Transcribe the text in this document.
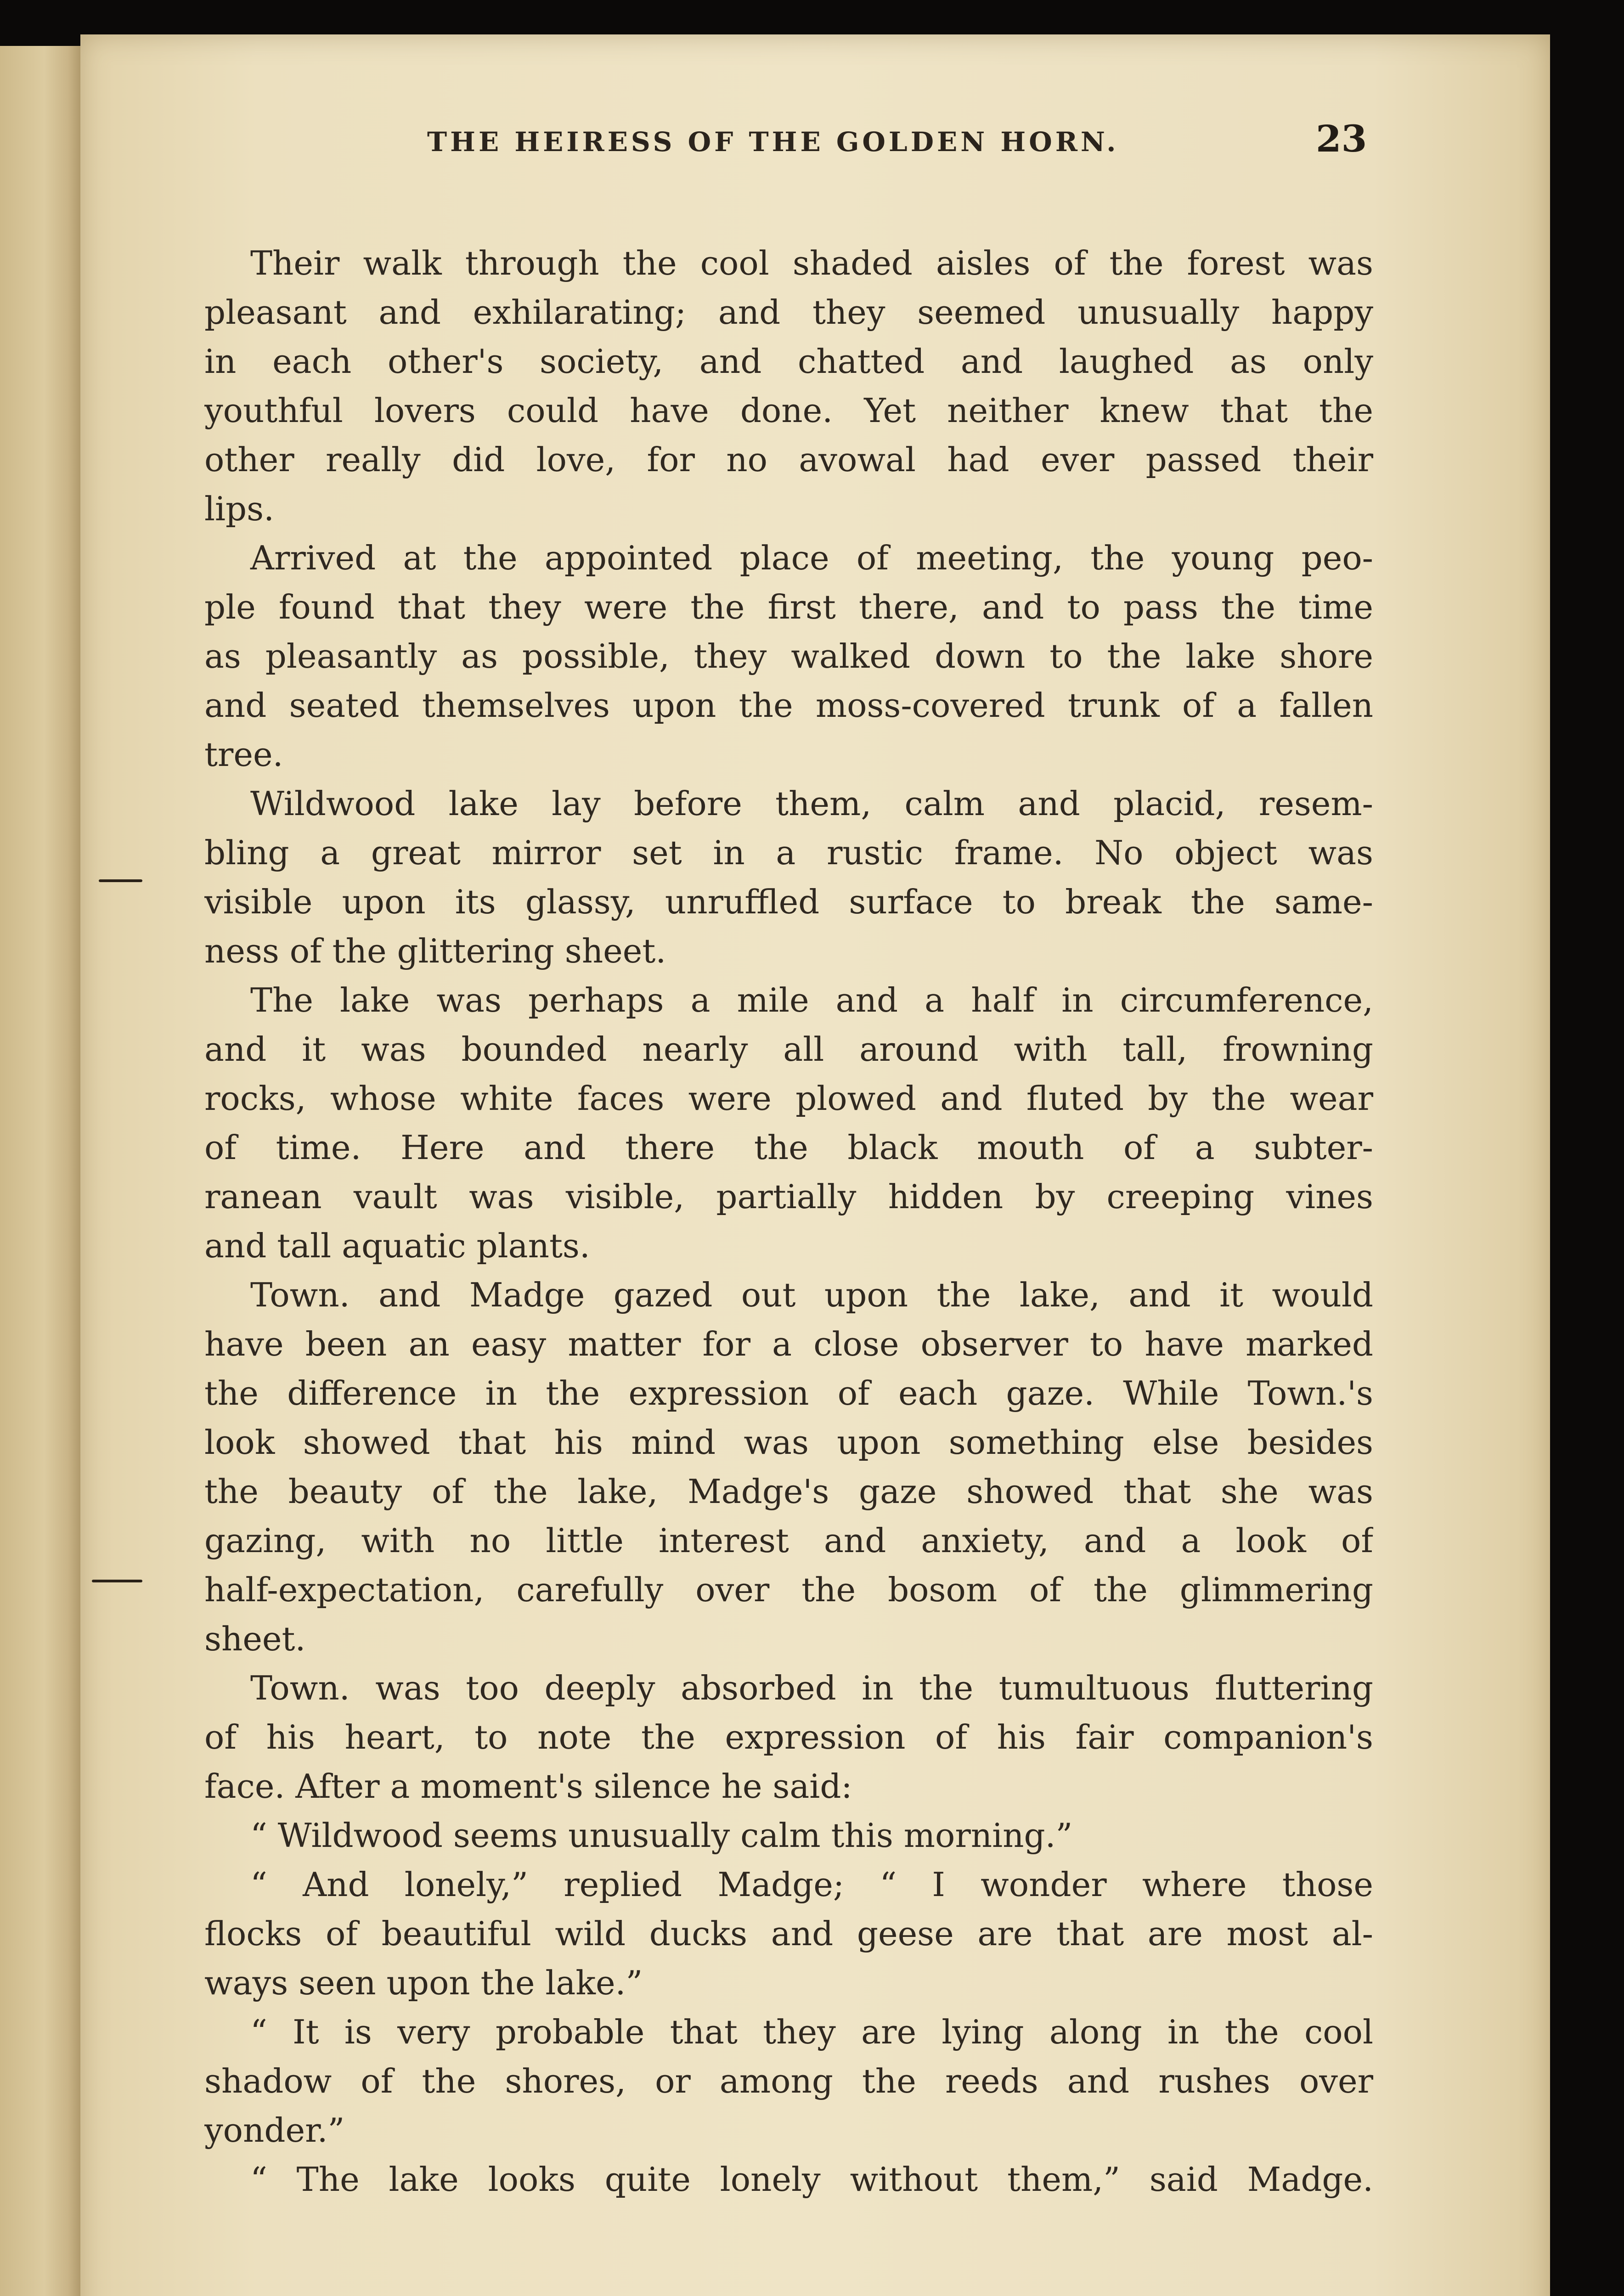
THE HEIRESS OF THE GOLDEN HORN.	23
Their walk through the cool shaded aisles of the forest was
pleasant and exhilarating; and they seemed unusually happy
in each other's society, and chatted and laughed as only
youthful lovers could have done. Yet neither knew that the
other really did love, for no avowal had ever passed their
lips.
Arrived at the appointed place of meeting, the young peo-
ple found that they were the first there, and to pass the time
as pleasantly as possible, they walked down to the lake shore
and seated themselves upon the moss-covered trunk of a fallen
tree.
Wildwood lake lay before them, calm and placid, resem-
bling a great mirror set in a rustic frame. No object was
visible upon its glassy, unruffled surface to break the same-
ness of the glittering sheet.
The lake was perhaps a mile and a half in circumference,
and it was bounded nearly all around with tall, frowning
rocks, whose white faces were plowed and fluted by the wear
of time. Here and there the black mouth of a subter-
ranean vault was visible, partially hidden by creeping vines
and tall aquatic plants.
Town. and Madge gazed out upon the lake, and it would
have been an easy matter for a close observer to have marked
the difference in the expression of each gaze. While Town.'s
look showed that his mind was upon something else besides
the beauty of the lake, Madge's gaze showed that she was
gazing, with no little interest and anxiety, and a look of
half-expectation, carefully over the bosom of the glimmering
sheet.
Town. was too deeply absorbed in the tumultuous fluttering
of his heart, to note the expression of his fair companion's
face. After a moment's silence he said:
“ Wildwood seems unusually calm this morning.”
“ And lonely,” replied Madge; “ I wonder where those
flocks of beautiful wild ducks and geese are that are most al-
ways seen upon the lake.”
“ It is very probable that they are lying along in the cool
shadow of the shores, or among the reeds and rushes over
yonder.”
“ The lake looks quite lonely without them,” said Madge.
